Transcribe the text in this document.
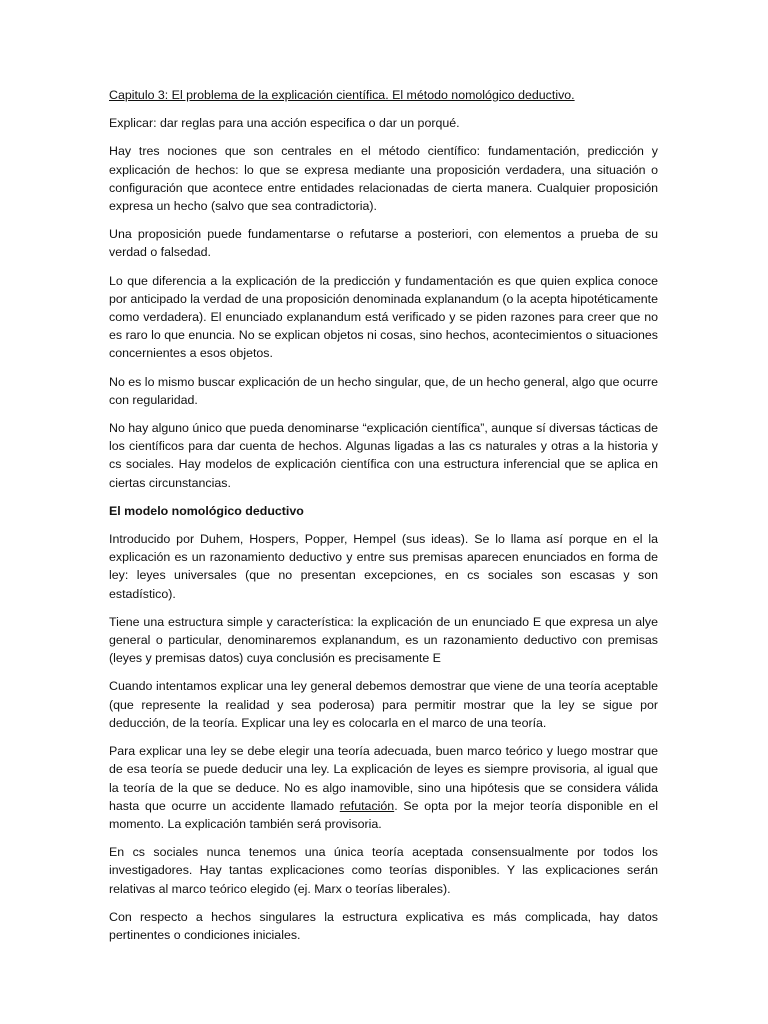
Capitulo 3: El problema de la explicación científica. El método nomológico deductivo.

Explicar: dar reglas para una acción especifica o dar un porqué.

Hay tres nociones que son centrales en el método científico: fundamentación, predicción y explicación de hechos: lo que se expresa mediante una proposición verdadera, una situación o configuración que acontece entre entidades relacionadas de cierta manera. Cualquier proposición expresa un hecho (salvo que sea contradictoria).

Una proposición puede fundamentarse o refutarse a posteriori, con elementos a prueba de su verdad o falsedad.

Lo que diferencia a la explicación de la predicción y fundamentación es que quien explica conoce por anticipado la verdad de una proposición denominada explanandum (o la acepta hipotéticamente como verdadera). El enunciado explanandum está verificado y se piden razones para creer que no es raro lo que enuncia. No se explican objetos ni cosas, sino hechos, acontecimientos o situaciones concernientes a esos objetos.

No es lo mismo buscar explicación de un hecho singular, que, de un hecho general, algo que ocurre con regularidad.

No hay alguno único que pueda denominarse “explicación científica”, aunque sí diversas tácticas de los científicos para dar cuenta de hechos. Algunas ligadas a las cs naturales y otras a la historia y cs sociales. Hay modelos de explicación científica con una estructura inferencial que se aplica en ciertas circunstancias.

El modelo nomológico deductivo

Introducido por Duhem, Hospers, Popper, Hempel (sus ideas). Se lo llama así porque en el la explicación es un razonamiento deductivo y entre sus premisas aparecen enunciados en forma de ley: leyes universales (que no presentan excepciones, en cs sociales son escasas y son estadístico).

Tiene una estructura simple y característica: la explicación de un enunciado E que expresa un alye general o particular, denominaremos explanandum, es un razonamiento deductivo con premisas (leyes y premisas datos) cuya conclusión es precisamente E

Cuando intentamos explicar una ley general debemos demostrar que viene de una teoría aceptable (que represente la realidad y sea poderosa) para permitir mostrar que la ley se sigue por deducción, de la teoría. Explicar una ley es colocarla en el marco de una teoría.

Para explicar una ley se debe elegir una teoría adecuada, buen marco teórico y luego mostrar que de esa teoría se puede deducir una ley. La explicación de leyes es siempre provisoria, al igual que la teoría de la que se deduce. No es algo inamovible, sino una hipótesis que se considera válida hasta que ocurre un accidente llamado refutación. Se opta por la mejor teoría disponible en el momento. La explicación también será provisoria.

En cs sociales nunca tenemos una única teoría aceptada consensualmente por todos los investigadores. Hay tantas explicaciones como teorías disponibles. Y las explicaciones serán relativas al marco teórico elegido (ej. Marx o teorías liberales).

Con respecto a hechos singulares la estructura explicativa es más complicada, hay datos pertinentes o condiciones iniciales.
